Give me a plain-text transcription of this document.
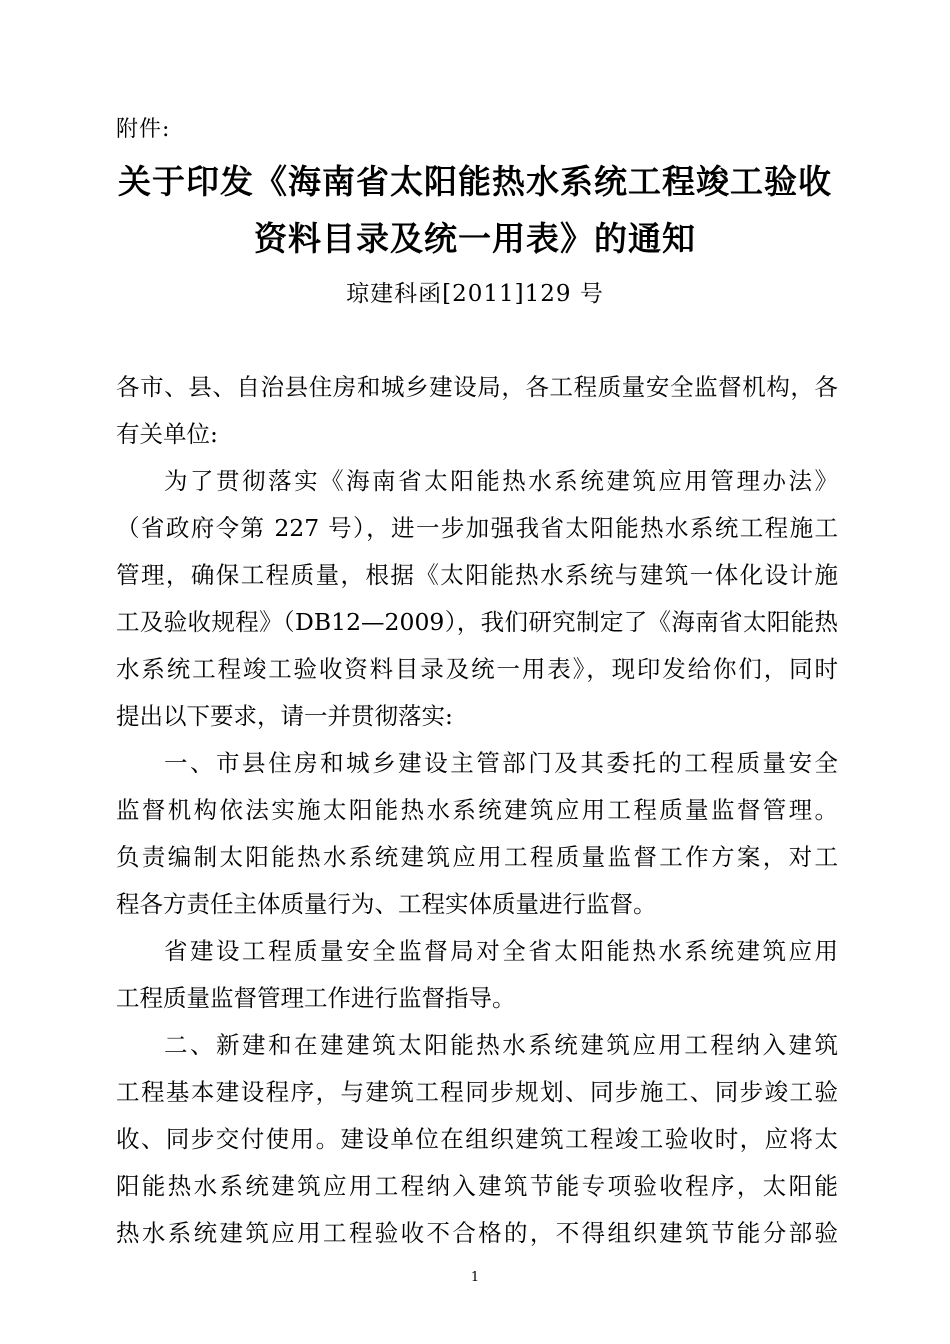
附件:
关于印发《海南省太阳能热水系统工程竣工验收
资料目录及统一用表》的通知
琼建科函[2011]129 号
各市、县、自治县住房和城乡建设局，各工程质量安全监督机构，各
有关单位:
为了贯彻落实《海南省太阳能热水系统建筑应用管理办法》
（省政府令第 227 号），进一步加强我省太阳能热水系统工程施工
管理，确保工程质量，根据《太阳能热水系统与建筑一体化设计施
工及验收规程》（DB12—2009），我们研究制定了《海南省太阳能热
水系统工程竣工验收资料目录及统一用表》，现印发给你们，同时
提出以下要求，请一并贯彻落实:
一、市县住房和城乡建设主管部门及其委托的工程质量安全
监督机构依法实施太阳能热水系统建筑应用工程质量监督管理。
负责编制太阳能热水系统建筑应用工程质量监督工作方案，对工
程各方责任主体质量行为、工程实体质量进行监督。
省建设工程质量安全监督局对全省太阳能热水系统建筑应用
工程质量监督管理工作进行监督指导。
二、新建和在建建筑太阳能热水系统建筑应用工程纳入建筑
工程基本建设程序，与建筑工程同步规划、同步施工、同步竣工验
收、同步交付使用。建设单位在组织建筑工程竣工验收时，应将太
阳能热水系统建筑应用工程纳入建筑节能专项验收程序，太阳能
热水系统建筑应用工程验收不合格的，不得组织建筑节能分部验
1
